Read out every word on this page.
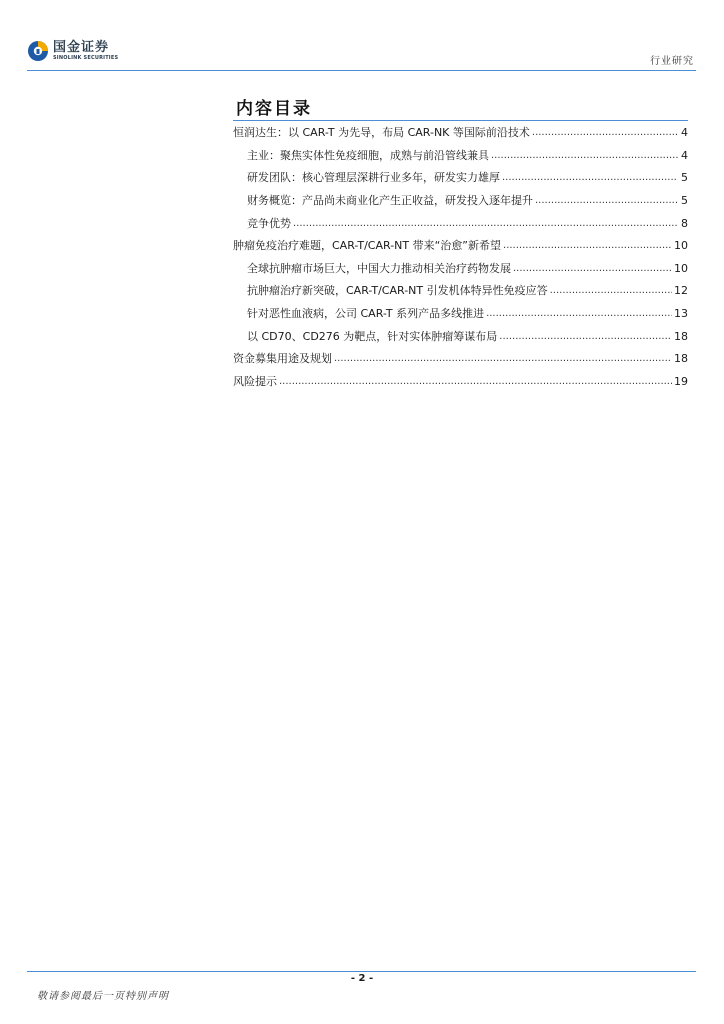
国金证券
SINOLINK SECURITIES	行业研究
内容目录
恒润达生：以 CAR-T 为先导，布局 CAR-NK 等国际前沿技术 .....	4
主业：聚焦实体性免疫细胞，成熟与前沿管线兼具 .....	4
研发团队：核心管理层深耕行业多年，研发实力雄厚 .....	5
财务概览：产品尚未商业化产生正收益，研发投入逐年提升 .....	5
竞争优势 .....	8
肿瘤免疫治疗难题，CAR-T/CAR-NT 带来“治愈”新希望 .....	10
全球抗肿瘤市场巨大，中国大力推动相关治疗药物发展 .....	10
抗肿瘤治疗新突破，CAR-T/CAR-NT 引发机体特异性免疫应答 .....	12
针对恶性血液病，公司 CAR-T 系列产品多线推进 .....	13
以 CD70、CD276 为靶点，针对实体肿瘤筹谋布局 .....	18
资金募集用途及规划 .....	18
风险提示 .....	19
- 2 -
敬请参阅最后一页特别声明
